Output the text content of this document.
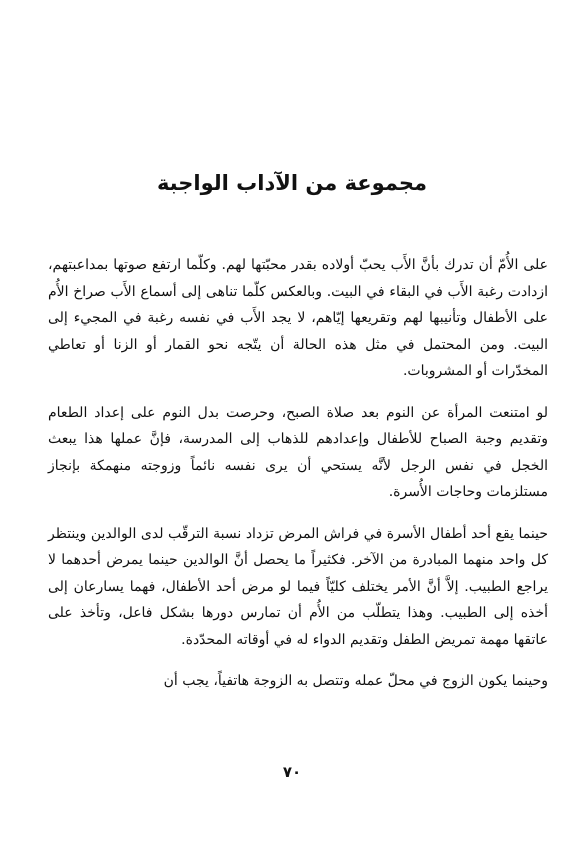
مجموعة من الآداب الواجبة

على الأُمّ أن تدرك بأنَّ الأَب يحبّ أولاده بقدر محبّتها لهم. وكلّما ارتفع صوتها بمداعبتهم، ازدادت رغبة الأَب في البقاء في البيت. وبالعكس كلّما تناهى إلى أسماع الأَب صراخ الأُم على الأطفال وتأنيبها لهم وتقريعها إيّاهم، لا يجد الأَب في نفسه رغبة في المجيء إلى البيت. ومن المحتمل في مثل هذه الحالة أن يتّجه نحو القمار أو الزنا أو تعاطي المخدّرات أو المشروبات.

لو امتنعت المرأة عن النوم بعد صلاة الصبح، وحرصت بدل النوم على إعداد الطعام وتقديم وجبة الصباح للأطفال وإعدادهم للذهاب إلى المدرسة، فإنَّ عملها هذا يبعث الخجل في نفس الرجل لأنَّه يستحي أن يرى نفسه نائماً وزوجته منهمكة بإنجاز مستلزمات وحاجات الأُسرة.

حينما يقع أحد أطفال الأسرة في فراش المرض تزداد نسبة الترقّب لدى الوالدين وينتظر كل واحد منهما المبادرة من الآخر. فكثيراً ما يحصل أنَّ الوالدين حينما يمرض أحدهما لا يراجع الطبيب. إلاَّ أنَّ الأمر يختلف كليّاً فيما لو مرض أحد الأطفال، فهما يسارعان إلى أخذه إلى الطبيب. وهذا يتطلّب من الأُم أن تمارس دورها بشكل فاعل، وتأخذ على عاتقها مهمة تمريض الطفل وتقديم الدواء له في أوقاته المحدّدة.

وحينما يكون الزوج في محلّ عمله وتتصل به الزوجة هاتفياً، يجب أن

٧٠
